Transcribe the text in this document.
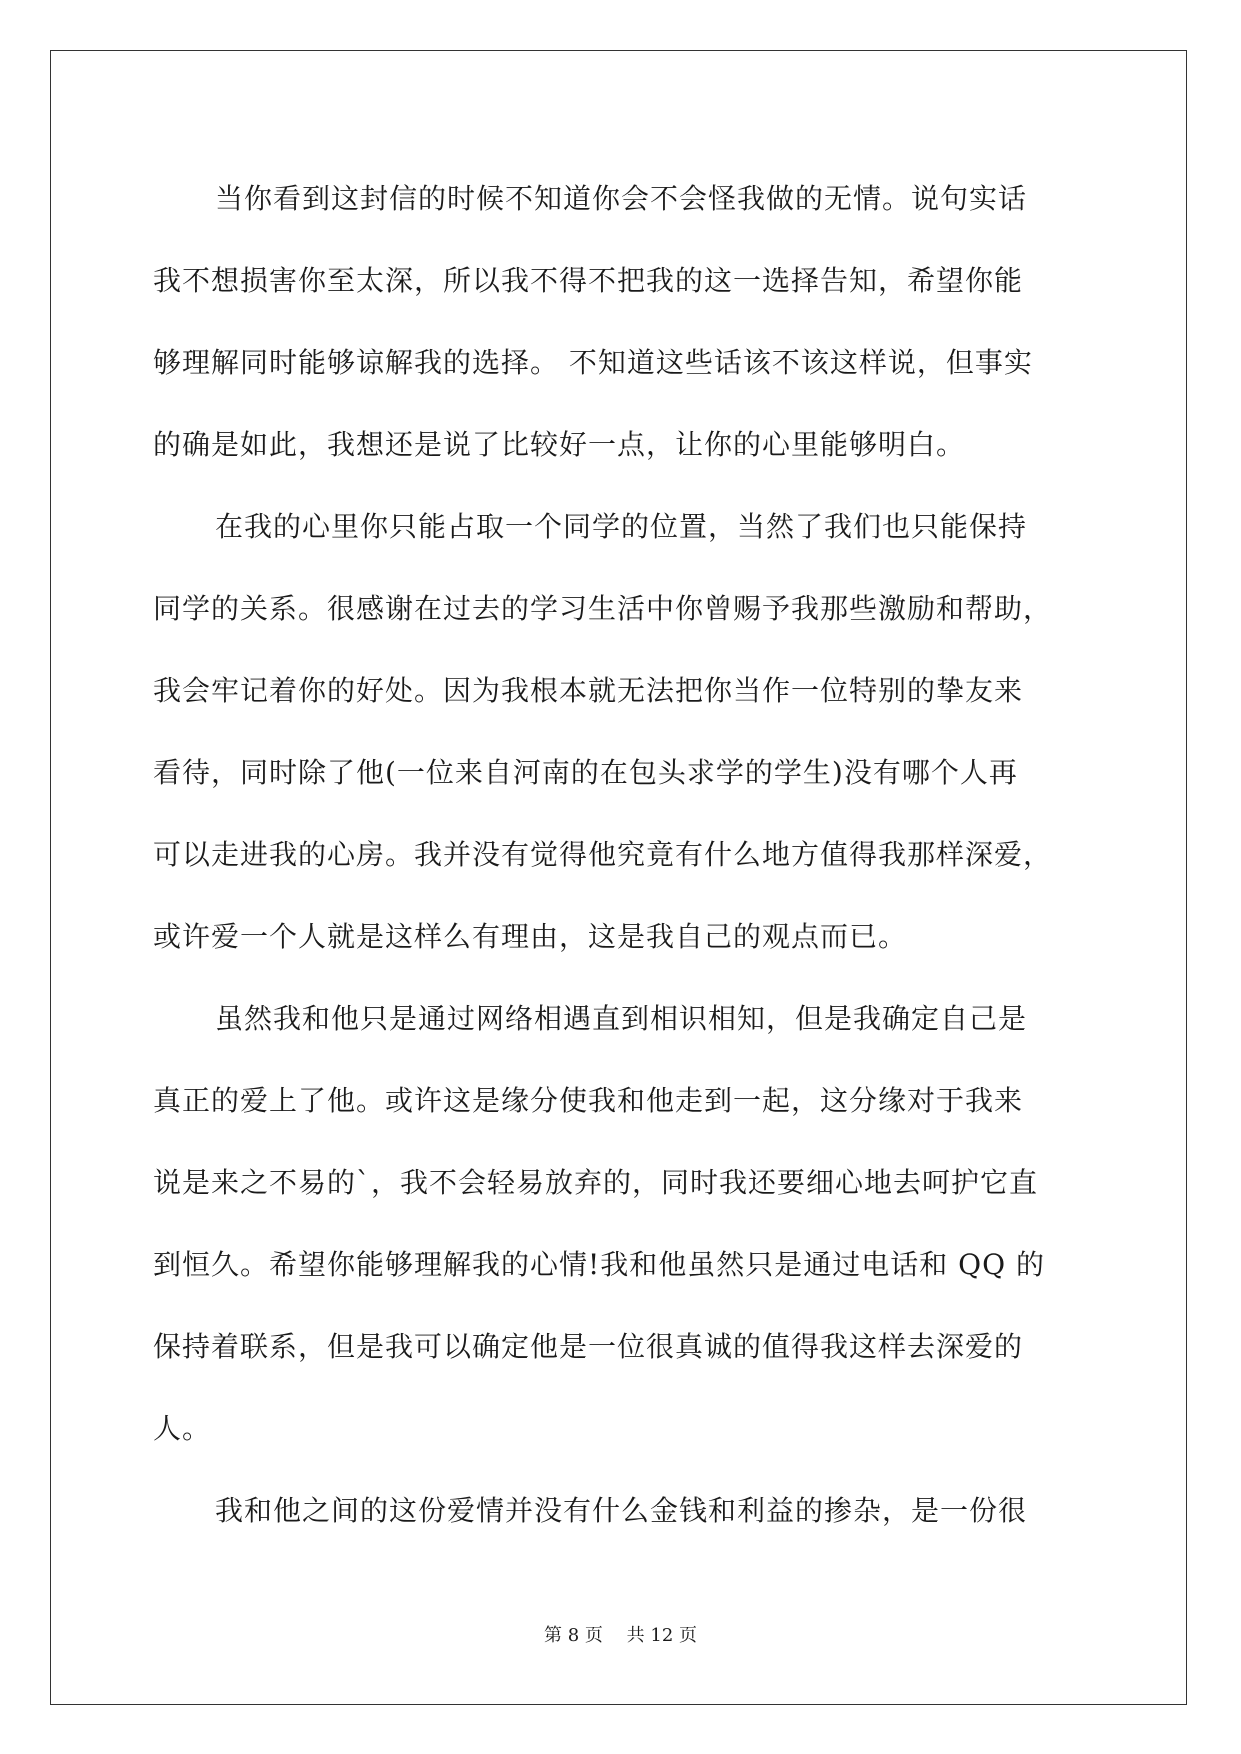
当你看到这封信的时候不知道你会不会怪我做的无情。说句实话
我不想损害你至太深，所以我不得不把我的这一选择告知，希望你能
够理解同时能够谅解我的选择。 不知道这些话该不该这样说，但事实
的确是如此，我想还是说了比较好一点，让你的心里能够明白。
在我的心里你只能占取一个同学的位置，当然了我们也只能保持
同学的关系。很感谢在过去的学习生活中你曾赐予我那些激励和帮助，
我会牢记着你的好处。因为我根本就无法把你当作一位特别的挚友来
看待，同时除了他(一位来自河南的在包头求学的学生)没有哪个人再
可以走进我的心房。我并没有觉得他究竟有什么地方值得我那样深爱，
或许爱一个人就是这样么有理由，这是我自己的观点而已。
虽然我和他只是通过网络相遇直到相识相知，但是我确定自己是
真正的爱上了他。或许这是缘分使我和他走到一起，这分缘对于我来
说是来之不易的`，我不会轻易放弃的，同时我还要细心地去呵护它直
到恒久。希望你能够理解我的心情!我和他虽然只是通过电话和 QQ 的
保持着联系，但是我可以确定他是一位很真诚的值得我这样去深爱的
人。
我和他之间的这份爱情并没有什么金钱和利益的掺杂，是一份很
第 8 页 共 12 页
